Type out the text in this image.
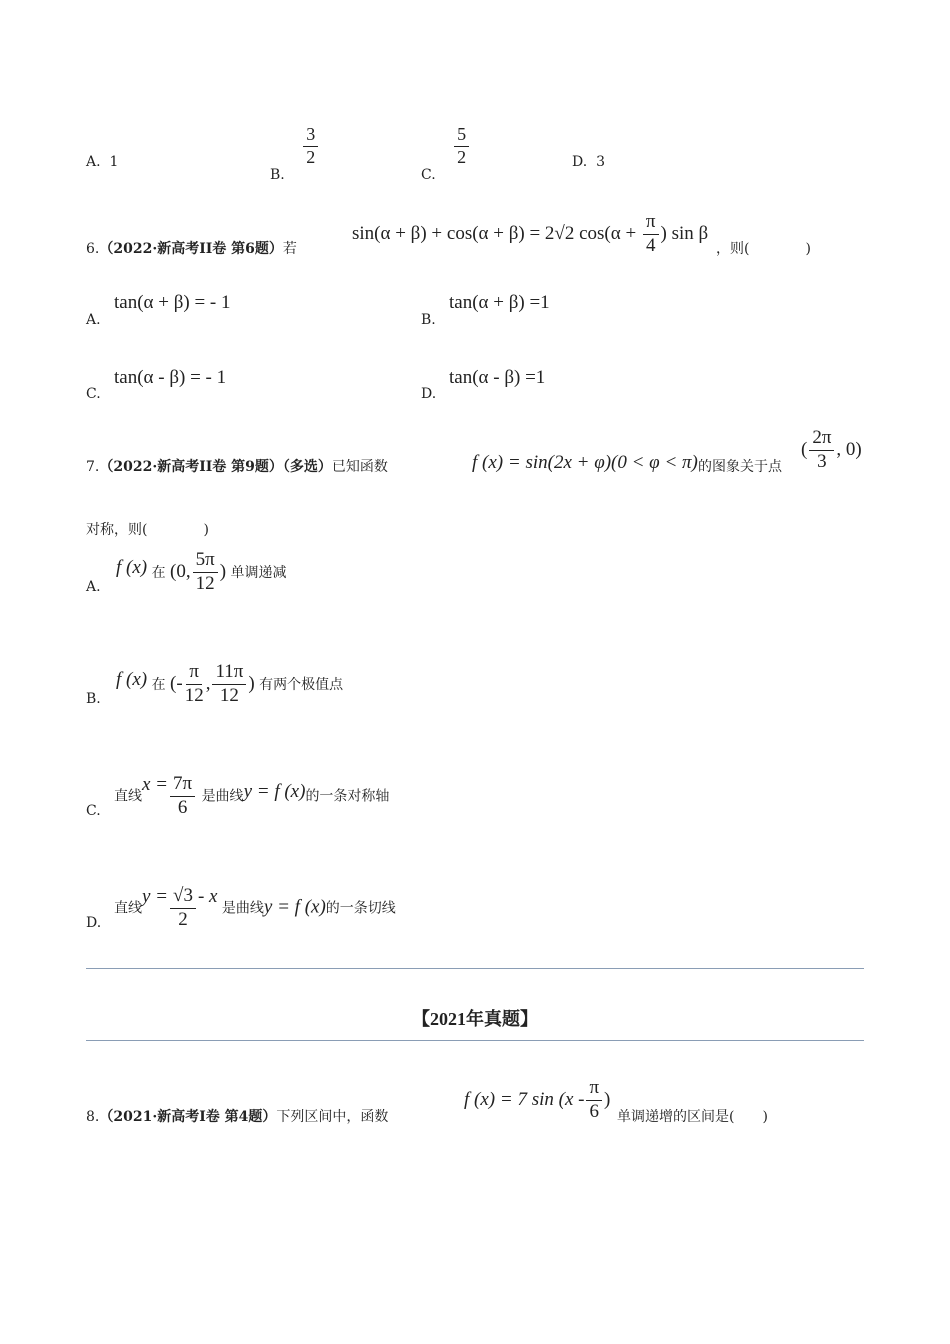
A. 1
B.
$\frac{3}{2}$
C.
$\frac{5}{2}$	D. 3
6.（2022·新高考II卷 第6题）若
sin(α + β) + cos(α + β) = 2√2 $\cos(\alpha + \frac{\pi}{4}$ ) sin β
，则(　　　　)
A.
tan(α + β) = - 1
B.
tan(α + β) =1
C.
tan(α - β) = - 1
D.
tan(α - β) =1
7.（2022·新高考II卷 第9题）（多选）已知函数	f (x) = sin(2x + φ)(0 < φ < π) 的图象关于点
( $\frac{2\pi}{3}$ , 0)
对称，则(　　　　)
A.
f (x) 在 (0, $\frac{5\pi}{12}$ ) 单调递减
B.
f (x) 在 (- $\frac{\pi}{12}$ , $\frac{11\pi}{12}$ ) 有两个极值点
C.
直线$x = \frac{7\pi}{6}$ 是曲线y = f (x)的一条对称轴
D.
直线$y = \frac{√3}{2} - x$ 是曲线y = f (x)的一条切线
【2021年真题】
8.（2021·新高考I卷 第4题）下列区间中，函数
f (x) = 7 $\sin (x - \frac{\pi}{6}$ )
单调递增的区间是(　　)
